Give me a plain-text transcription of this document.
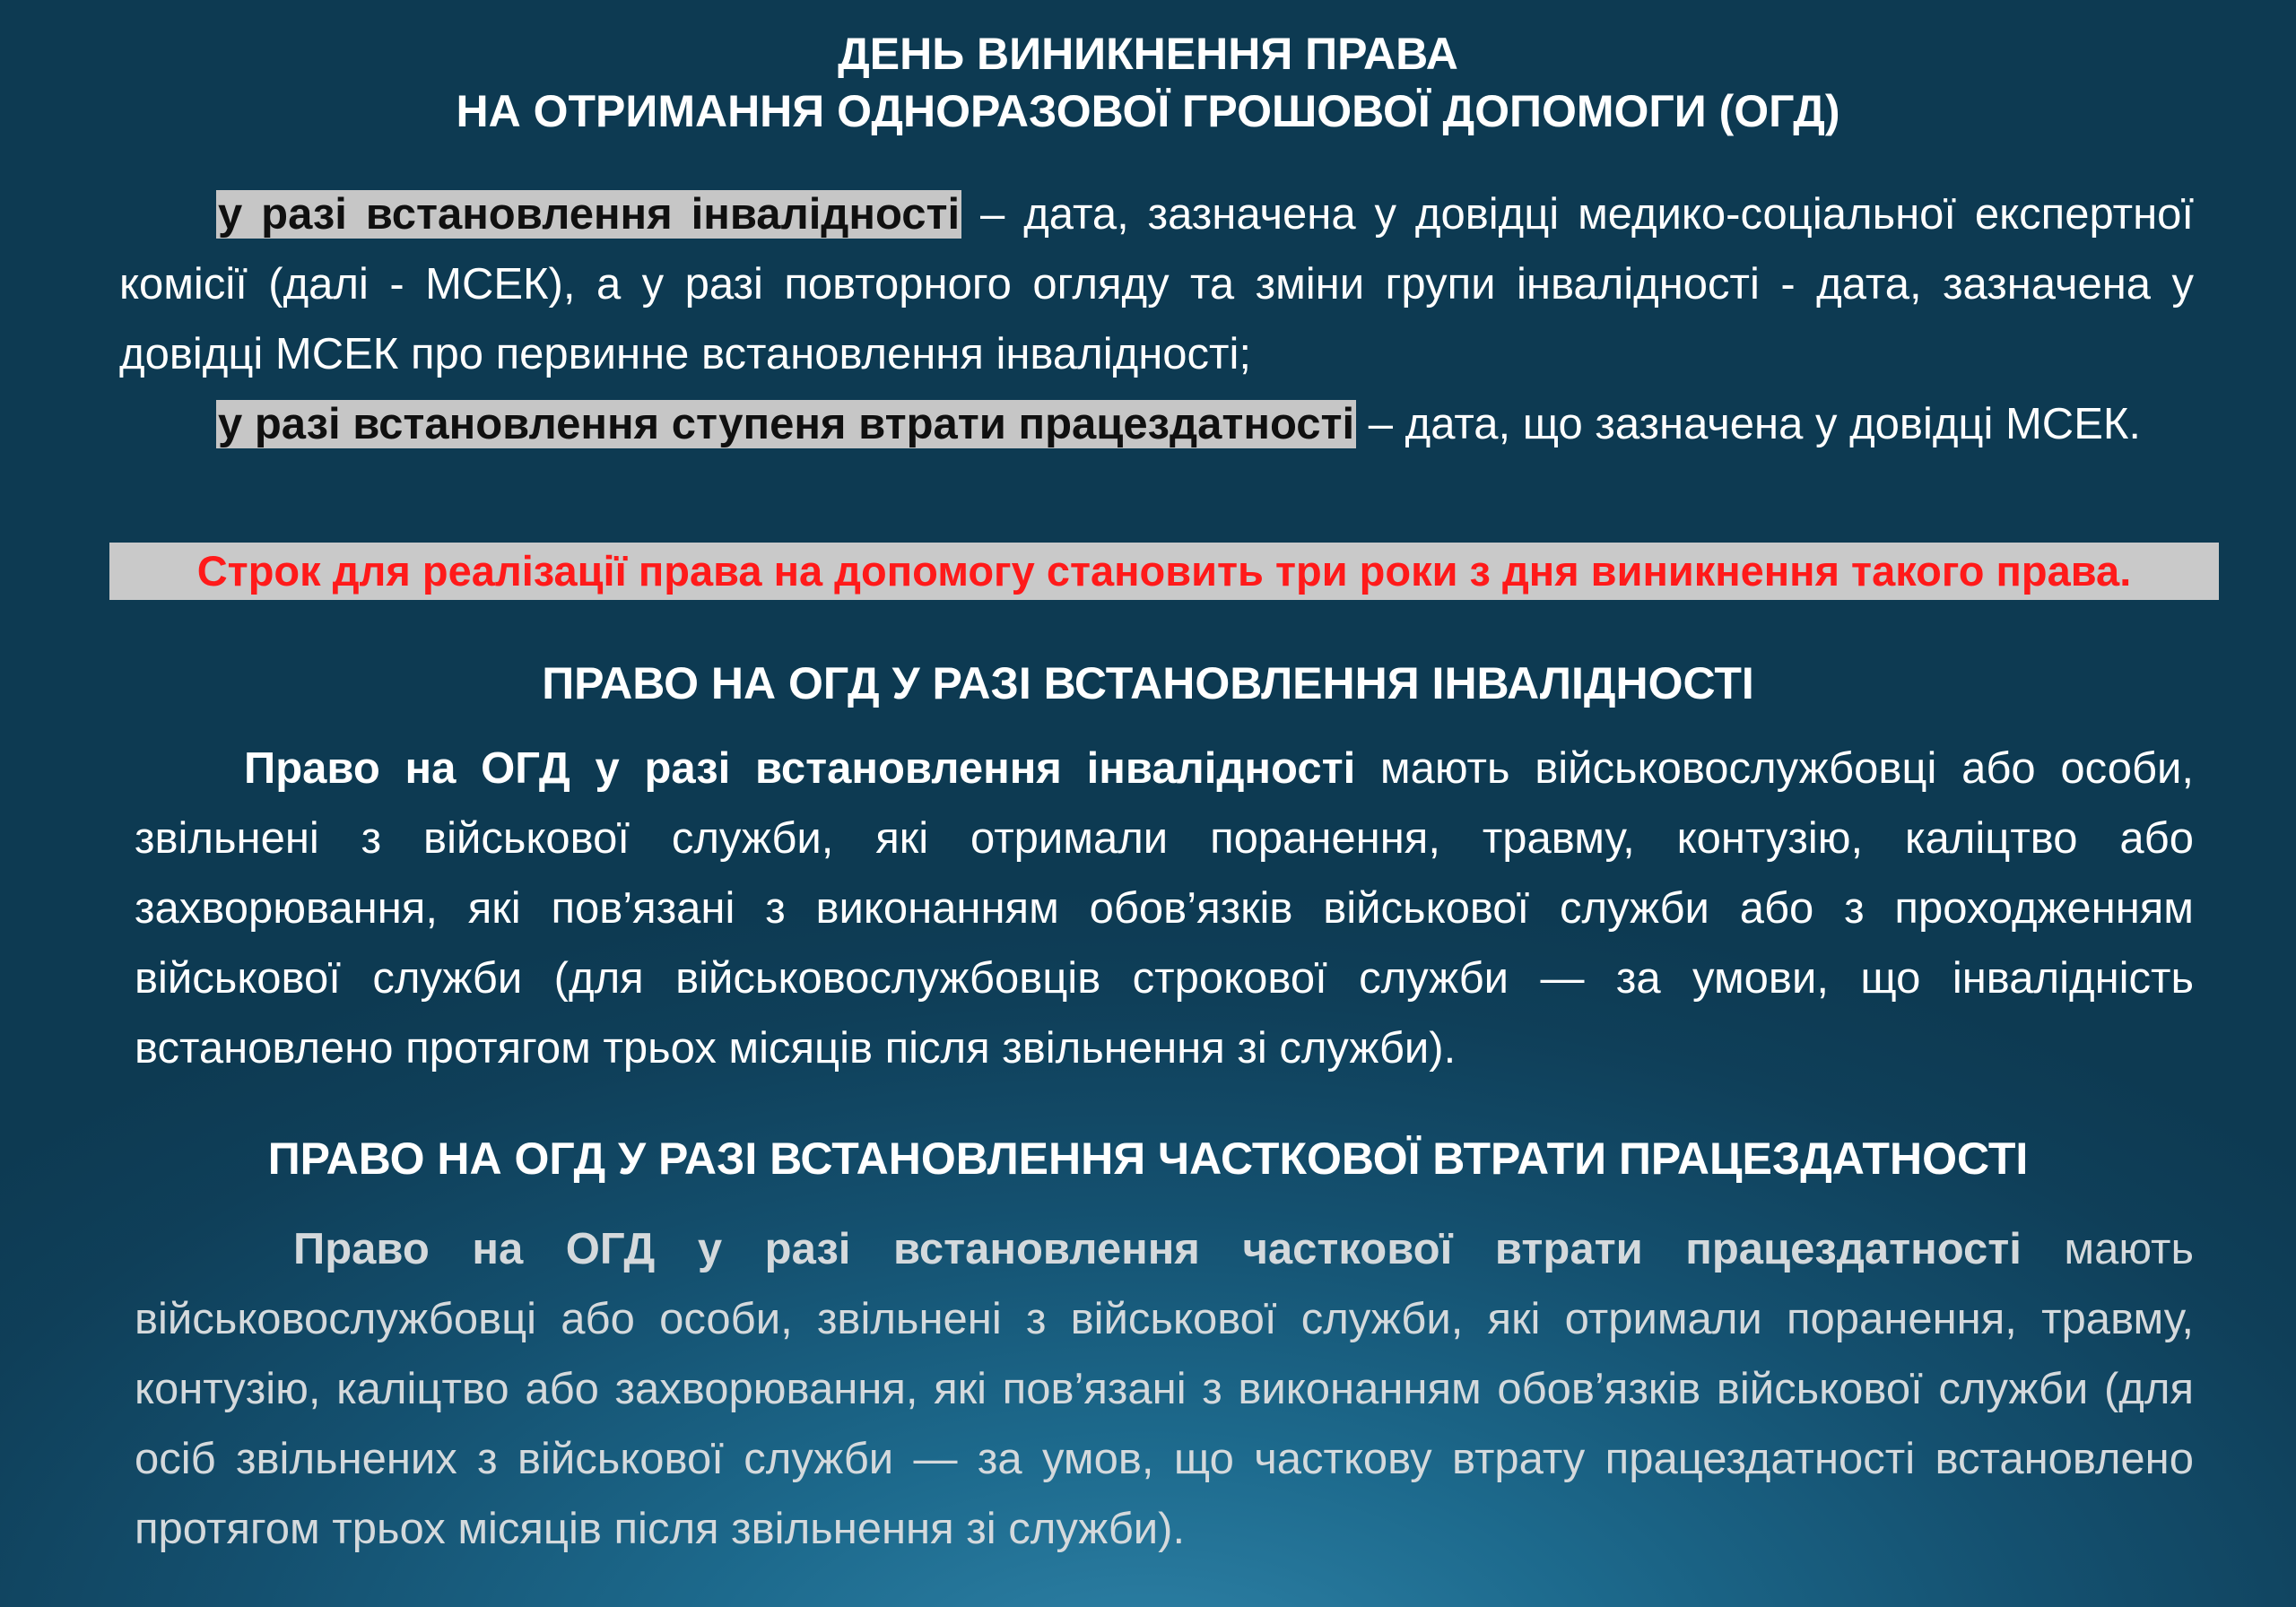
ДЕНЬ ВИНИКНЕННЯ ПРАВА
НА ОТРИМАННЯ ОДНОРАЗОВОЇ ГРОШОВОЇ ДОПОМОГИ (ОГД)

у разі встановлення інвалідності – дата, зазначена у довідці медико-соціальної експертної комісії (далі - МСЕК), а у разі повторного огляду та зміни групи інвалідності - дата, зазначена у довідці МСЕК про первинне встановлення інвалідності;

у разі встановлення ступеня втрати працездатності – дата, що зазначена у довідці МСЕК.

Строк для реалізації права на допомогу становить три роки з дня виникнення такого права.

ПРАВО НА ОГД У РАЗІ ВСТАНОВЛЕННЯ ІНВАЛІДНОСТІ

Право на ОГД у разі встановлення інвалідності мають військовослужбовці або особи, звільнені з військової служби, які отримали поранення, травму, контузію, каліцтво або захворювання, які пов’язані з виконанням обов’язків військової служби або з проходженням військової служби (для військовослужбовців строкової служби — за умови, що інвалідність встановлено протягом трьох місяців після звільнення зі служби).

ПРАВО НА ОГД У РАЗІ ВСТАНОВЛЕННЯ ЧАСТКОВОЇ ВТРАТИ ПРАЦЕЗДАТНОСТІ

Право на ОГД у разі встановлення часткової втрати працездатності мають військовослужбовці або особи, звільнені з військової служби, які отримали поранення, травму, контузію, каліцтво або захворювання, які пов’язані з виконанням обов’язків військової служби (для осіб звільнених з військової служби — за умов, що часткову втрату працездатності встановлено протягом трьох місяців після звільнення зі служби).
